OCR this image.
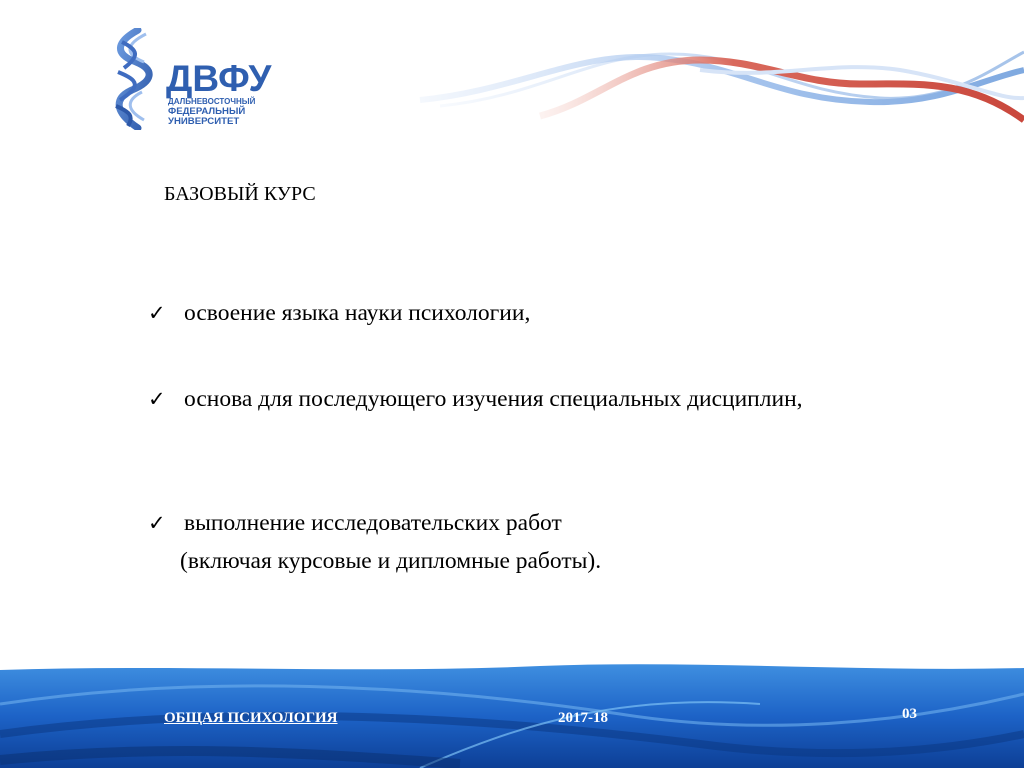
ДВФУ
ДАЛЬНЕВОСТОЧНЫЙ
ФЕДЕРАЛЬНЫЙ
УНИВЕРСИТЕТ
БАЗОВЫЙ КУРС
✓ освоение языка науки психологии,
✓ основа для последующего изучения специальных дисциплин,
✓ выполнение исследовательских работ
(включая курсовые и дипломные работы).
ОБЩАЯ ПСИХОЛОГИЯ	2017-18	03
